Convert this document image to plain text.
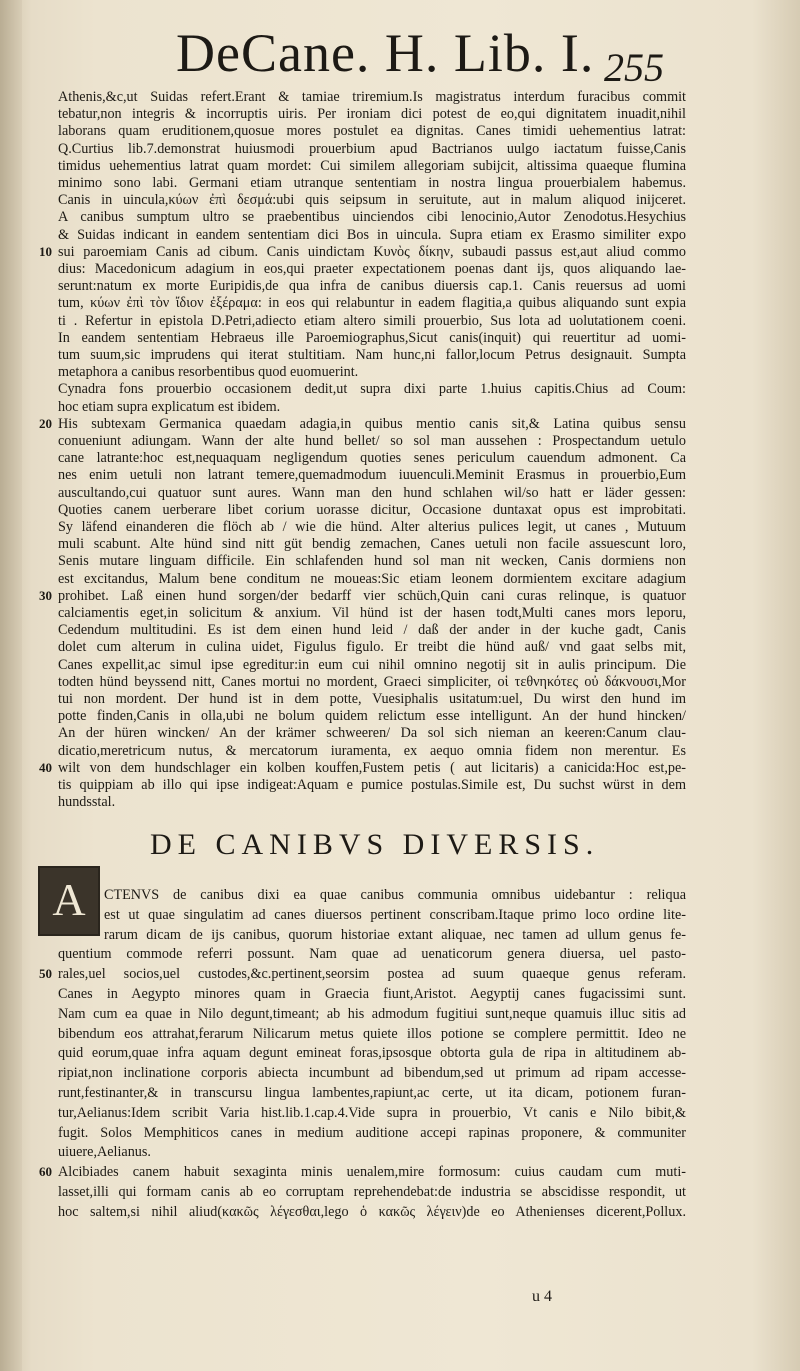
DeCane. H. Lib. I. 255
Athenis,&c,ut Suidas refert.Erant & tamiae triremium.Is magistratus interdum furacibus commit
tebatur,non integris & incorruptis uiris. Per ironiam dici potest de eo,qui dignitatem inuadit,nihil
laborans quam eruditionem,quosue mores postulet ea dignitas. Canes timidi uehementius latrat:
Q.Curtius lib.7.demonstrat huiusmodi prouerbium apud Bactrianos uulgo iactatum fuisse,Canis
timidus uehementius latrat quam mordet: Cui similem allegoriam subijcit, altissima quaeque flumina
minimo sono labi. Germani etiam utranque sententiam in nostra lingua prouerbialem habemus.
Canis in uincula,κύων ἐπὶ δεσμά:ubi quis seipsum in seruitute, aut in malum aliquod inijceret.
A canibus sumptum ultro se praebentibus uinciendos cibi lenocinio,Autor Zenodotus.Hesychius
& Suidas indicant in eandem sententiam dici Bos in uincula. Supra etiam ex Erasmo similiter expo
sui paroemiam Canis ad cibum. Canis uindictam Κυνὸς δίκην, subaudi passus est,aut aliud commo
dius: Macedonicum adagium in eos,qui praeter expectationem poenas dant ijs, quos aliquando lae-
serunt:natum ex morte Euripidis,de qua infra de canibus diuersis cap.1. Canis reuersus ad uomi
tum, κύων ἐπὶ τὸν ἴδιον ἐξέραμα: in eos qui relabuntur in eadem flagitia,a quibus aliquando sunt expia
ti . Refertur in epistola D.Petri,adiecto etiam altero simili prouerbio, Sus lota ad uolutationem coeni.
In eandem sententiam Hebraeus ille Paroemiographus,Sicut canis(inquit) qui reuertitur ad uomi-
tum suum,sic imprudens qui iterat stultitiam. Nam hunc,ni fallor,locum Petrus designauit. Sumpta
metaphora a canibus resorbentibus quod euomuerint.
Cynadra fons prouerbio occasionem dedit,ut supra dixi parte 1.huius capitis.Chius ad Coum:
hoc etiam supra explicatum est ibidem.
His subtexam Germanica quaedam adagia,in quibus mentio canis sit,& Latina quibus sensu
conueniunt adiungam. Wann der alte hund bellet/ so sol man aussehen : Prospectandum uetulo
cane latrante:hoc est,nequaquam negligendum quoties senes periculum cauendum admonent. Ca
nes enim uetuli non latrant temere,quemadmodum iuuenculi.Meminit Erasmus in prouerbio,Eum
auscultando,cui quatuor sunt aures. Wann man den hund schlahen wil/so hatt er läder gessen:
Quoties canem uerberare libet corium uorasse dicitur, Occasione duntaxat opus est improbitati.
Sy läfend einanderen die flöch ab / wie die hünd. Alter alterius pulices legit, ut canes , Mutuum
muli scabunt. Alte hünd sind nitt güt bendig zemachen, Canes uetuli non facile assuescunt loro,
Senis mutare linguam difficile. Ein schlafenden hund sol man nit wecken, Canis dormiens non
est excitandus, Malum bene conditum ne moueas:Sic etiam leonem dormientem excitare adagium
prohibet. Laß einen hund sorgen/der bedarff vier schüch,Quin cani curas relinque, is quatuor
calciamentis eget,in solicitum & anxium. Vil hünd ist der hasen todt,Multi canes mors leporu,
Cedendum multitudini. Es ist dem einen hund leid / daß der ander in der kuche gadt, Canis
dolet cum alterum in culina uidet, Figulus figulo. Er treibt die hünd auß/ vnd gaat selbs mit,
Canes expellit,ac simul ipse egreditur:in eum cui nihil omnino negotij sit in aulis principum. Die
todten hünd beyssend nitt, Canes mortui no mordent, Graeci simpliciter, οἱ τεθνηκότες οὐ δάκνουσι,Mor
tui non mordent. Der hund ist in dem potte, Vuesiphalis usitatum:uel, Du wirst den hund im
potte finden,Canis in olla,ubi ne bolum quidem relictum esse intelligunt. An der hund hincken/
An der hüren wincken/ An der krämer schweeren/ Da sol sich nieman an keeren:Canum clau-
dicatio,meretricum nutus, & mercatorum iuramenta, ex aequo omnia fidem non merentur. Es
wilt von dem hundschlager ein kolben kouffen,Fustem petis ( aut licitaris) a canicida:Hoc est,pe-
tis quippiam ab illo qui ipse indigeat:Aquam e pumice postulas.Simile est, Du suchst würst in dem
hundsstal.
10
20
30
40
DE CANIBVS DIVERSIS.
A	CTENVS de canibus dixi ea quae canibus communia omnibus uidebantur : reliqua
est ut quae singulatim ad canes diuersos pertinent conscribam.Itaque primo loco ordine lite-
rarum dicam de ijs canibus, quorum historiae extant aliquae, nec tamen ad ullum genus fe-
quentium commode referri possunt. Nam quae ad uenaticorum genera diuersa, uel pasto-
rales,uel socios,uel custodes,&c.pertinent,seorsim postea ad suum quaeque genus referam.
Canes in Aegypto minores quam in Graecia fiunt,Aristot. Aegyptij canes fugacissimi sunt.
Nam cum ea quae in Nilo degunt,timeant; ab his admodum fugitiui sunt,neque quamuis illuc sitis ad
bibendum eos attrahat,ferarum Nilicarum metus quiete illos potione se complere permittit. Ideo ne
quid eorum,quae infra aquam degunt emineat foras,ipsosque obtorta gula de ripa in altitudinem ab-
ripiat,non inclinatione corporis abiecta incumbunt ad bibendum,sed ut primum ad ripam accesse-
runt,festinanter,& in transcursu lingua lambentes,rapiunt,ac certe, ut ita dicam, potionem furan-
tur,Aelianus:Idem scribit Varia hist.lib.1.cap.4.Vide supra in prouerbio, Vt canis e Nilo bibit,&
fugit. Solos Memphiticos canes in medium auditione accepi rapinas proponere, & communiter
uiuere,Aelianus.
Alcibiades canem habuit sexaginta minis uenalem,mire formosum: cuius caudam cum muti-
lasset,illi qui formam canis ab eo corruptam reprehendebat:de industria se abscidisse respondit, ut
hoc saltem,si nihil aliud(κακῶς λέγεσθαι,lego ὁ κακῶς λέγειν)de eo Athenienses dicerent,Pollux.
50
60
u 4
